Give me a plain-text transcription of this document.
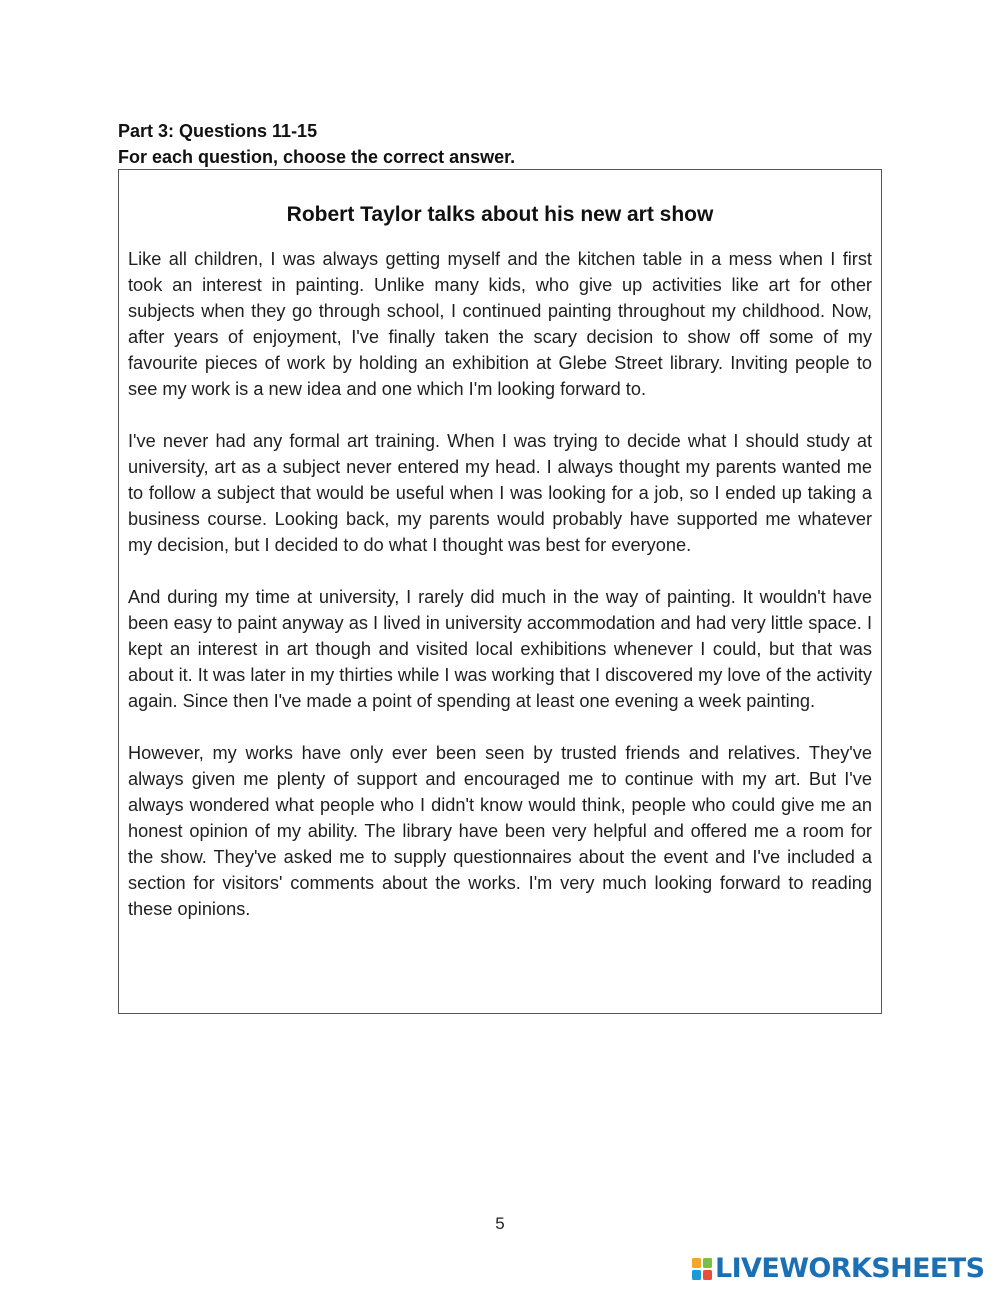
Part 3: Questions 11-15
For each question, choose the correct answer.
Robert Taylor talks about his new art show

Like all children, I was always getting myself and the kitchen table in a mess when I first took an interest in painting. Unlike many kids, who give up activities like art for other subjects when they go through school, I continued painting throughout my childhood. Now, after years of enjoyment, I've finally taken the scary decision to show off some of my favourite pieces of work by holding an exhibition at Glebe Street library. Inviting people to see my work is a new idea and one which I'm looking forward to.

I've never had any formal art training. When I was trying to decide what I should study at university, art as a subject never entered my head. I always thought my parents wanted me to follow a subject that would be useful when I was looking for a job, so I ended up taking a business course. Looking back, my parents would probably have supported me whatever my decision, but I decided to do what I thought was best for everyone.

And during my time at university, I rarely did much in the way of painting. It wouldn't have been easy to paint anyway as I lived in university accommodation and had very little space. I kept an interest in art though and visited local exhibitions whenever I could, but that was about it. It was later in my thirties while I was working that I discovered my love of the activity again. Since then I've made a point of spending at least one evening a week painting.

However, my works have only ever been seen by trusted friends and relatives. They've always given me plenty of support and encouraged me to continue with my art. But I've always wondered what people who I didn't know would think, people who could give me an honest opinion of my ability. The library have been very helpful and offered me a room for the show. They've asked me to supply questionnaires about the event and I've included a section for visitors' comments about the works. I'm very much looking forward to reading these opinions.

5
LIVEWORKSHEETS
